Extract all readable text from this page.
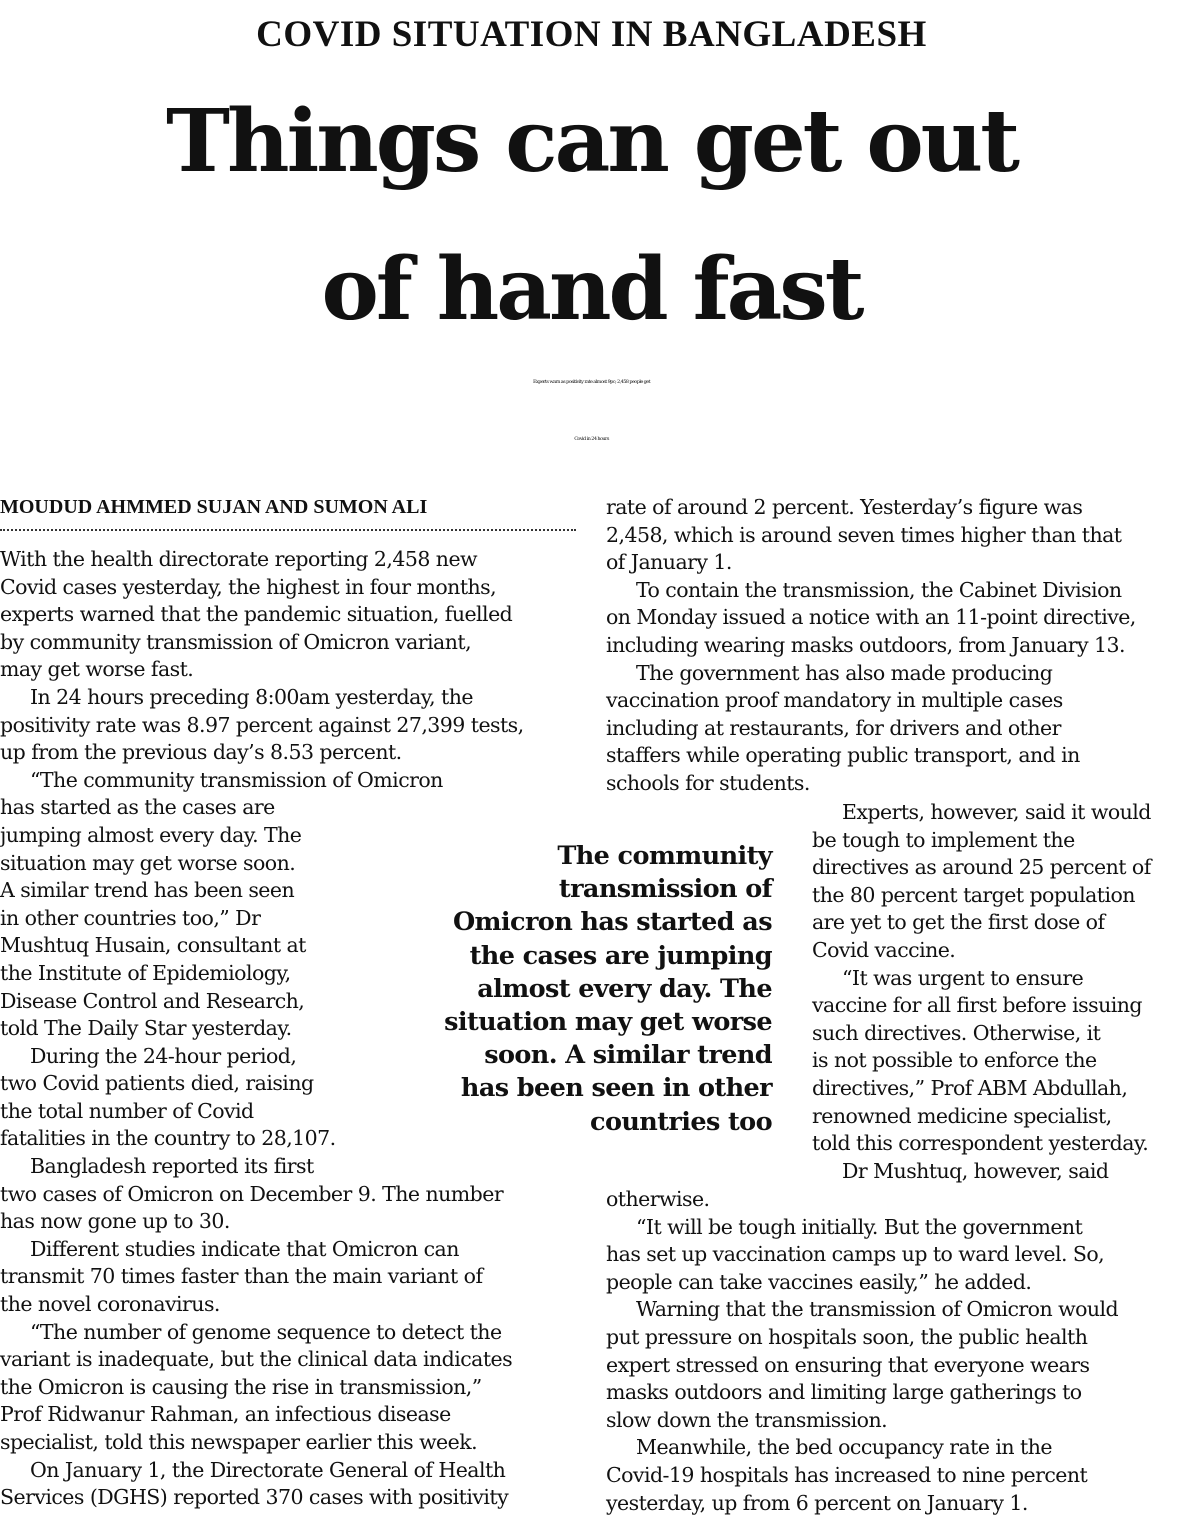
COVID SITUATION IN BANGLADESH
Things can get out
of hand fast
Experts warn as positivity rate almost 9pc; 2,458 people get
Covid in 24 hours
MOUDUD AHMMED SUJAN AND SUMON ALI
With the health directorate reporting 2,458 new
Covid cases yesterday, the highest in four months,
experts warned that the pandemic situation, fuelled
by community transmission of Omicron variant,
may get worse fast.
In 24 hours preceding 8:00am yesterday, the
positivity rate was 8.97 percent against 27,399 tests,
up from the previous day’s 8.53 percent.
“The community transmission of Omicron
has started as the cases are
jumping almost every day. The
situation may get worse soon.
A similar trend has been seen
in other countries too,” Dr
Mushtuq Husain, consultant at
the Institute of Epidemiology,
Disease Control and Research,
told The Daily Star yesterday.
During the 24-hour period,
two Covid patients died, raising
the total number of Covid
fatalities in the country to 28,107.
Bangladesh reported its first
two cases of Omicron on December 9. The number
has now gone up to 30.
Different studies indicate that Omicron can
transmit 70 times faster than the main variant of
the novel coronavirus.
“The number of genome sequence to detect the
variant is inadequate, but the clinical data indicates
the Omicron is causing the rise in transmission,”
Prof Ridwanur Rahman, an infectious disease
specialist, told this newspaper earlier this week.
On January 1, the Directorate General of Health
Services (DGHS) reported 370 cases with positivity
rate of around 2 percent. Yesterday’s figure was
2,458, which is around seven times higher than that
of January 1.
To contain the transmission, the Cabinet Division
on Monday issued a notice with an 11-point directive,
including wearing masks outdoors, from January 13.
The government has also made producing
vaccination proof mandatory in multiple cases
including at restaurants, for drivers and other
staffers while operating public transport, and in
schools for students.
Experts, however, said it would
be tough to implement the
directives as around 25 percent of
the 80 percent target population
are yet to get the first dose of
Covid vaccine.
“It was urgent to ensure
vaccine for all first before issuing
such directives. Otherwise, it
is not possible to enforce the
directives,” Prof ABM Abdullah,
renowned medicine specialist,
told this correspondent yesterday.
Dr Mushtuq, however, said
otherwise.
“It will be tough initially. But the government
has set up vaccination camps up to ward level. So,
people can take vaccines easily,” he added.
Warning that the transmission of Omicron would
put pressure on hospitals soon, the public health
expert stressed on ensuring that everyone wears
masks outdoors and limiting large gatherings to
slow down the transmission.
Meanwhile, the bed occupancy rate in the
Covid-19 hospitals has increased to nine percent
yesterday, up from 6 percent on January 1.
The community
transmission of
Omicron has started as
the cases are jumping
almost every day. The
situation may get worse
soon. A similar trend
has been seen in other
countries too
